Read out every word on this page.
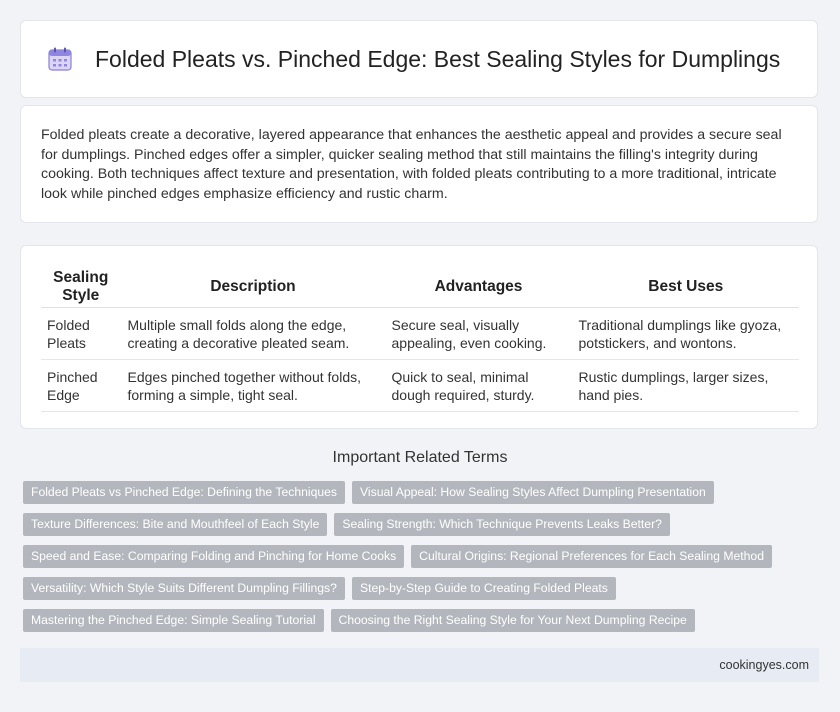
Folded Pleats vs. Pinched Edge: Best Sealing Styles for Dumplings

Folded pleats create a decorative, layered appearance that enhances the aesthetic appeal and provides a secure seal for dumplings. Pinched edges offer a simpler, quicker sealing method that still maintains the filling's integrity during cooking. Both techniques affect texture and presentation, with folded pleats contributing to a more traditional, intricate look while pinched edges emphasize efficiency and rustic charm.

Sealing Style	Description	Advantages	Best Uses
Folded Pleats	Multiple small folds along the edge, creating a decorative pleated seam.	Secure seal, visually appealing, even cooking.	Traditional dumplings like gyoza, potstickers, and wontons.
Pinched Edge	Edges pinched together without folds, forming a simple, tight seal.	Quick to seal, minimal dough required, sturdy.	Rustic dumplings, larger sizes, hand pies.
Important Related Terms
Folded Pleats vs Pinched Edge: Defining the Techniques	Visual Appeal: How Sealing Styles Affect Dumpling Presentation
Texture Differences: Bite and Mouthfeel of Each Style	Sealing Strength: Which Technique Prevents Leaks Better?
Speed and Ease: Comparing Folding and Pinching for Home Cooks	Cultural Origins: Regional Preferences for Each Sealing Method
Versatility: Which Style Suits Different Dumpling Fillings?	Step-by-Step Guide to Creating Folded Pleats
Mastering the Pinched Edge: Simple Sealing Tutorial	Choosing the Right Sealing Style for Your Next Dumpling Recipe
cookingyes.com
